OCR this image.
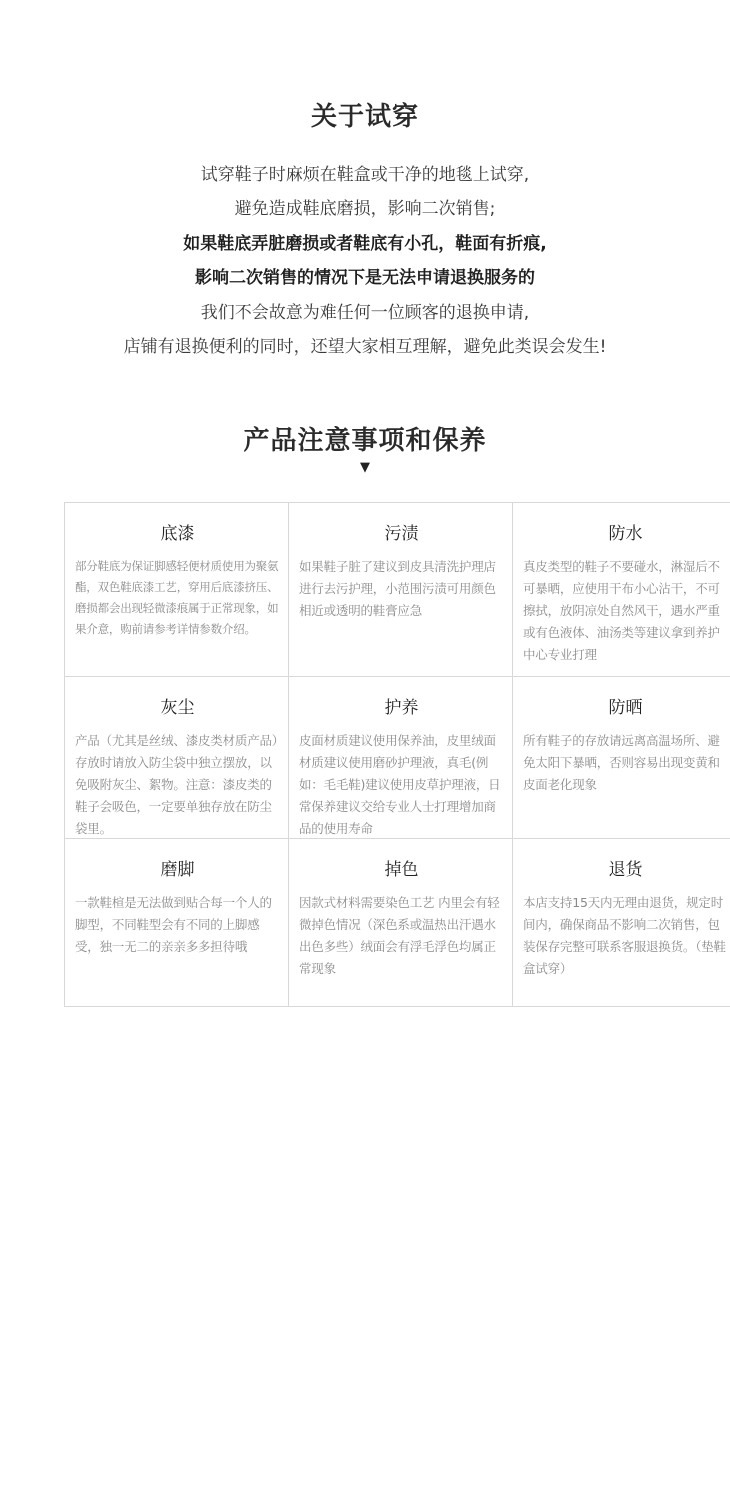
关于试穿
试穿鞋子时麻烦在鞋盒或干净的地毯上试穿,
避免造成鞋底磨损，影响二次销售;
如果鞋底弄脏磨损或者鞋底有小孔，鞋面有折痕,
影响二次销售的情况下是无法申请退换服务的
我们不会故意为难任何一位顾客的退换申请,
店铺有退换便利的同时，还望大家相互理解，避免此类误会发生!
产品注意事项和保养
▼
底漆
部分鞋底为保证脚感轻便材质使用为聚氨酯，双色鞋底漆工艺，穿用后底漆挤压、磨损都会出现轻微漆痕属于正常现象，如果介意，购前请参考详情参数介绍。
污渍
如果鞋子脏了建议到皮具清洗护理店进行去污护理，小范围污渍可用颜色相近或透明的鞋膏应急
防水
真皮类型的鞋子不要碰水，淋湿后不可暴晒，应使用干布小心沾干，不可擦拭，放阴凉处自然风干，遇水严重或有色液体、油汤类等建议拿到养护中心专业打理
灰尘
产品（尤其是丝绒、漆皮类材质产品）存放时请放入防尘袋中独立摆放，以免吸附灰尘、絮物。注意：漆皮类的鞋子会吸色，一定要单独存放在防尘袋里。
护养
皮面材质建议使用保养油，皮里绒面材质建议使用磨砂护理液，真毛(例如：毛毛鞋)建议使用皮草护理液，日常保养建议交给专业人士打理增加商品的使用寿命
防晒
所有鞋子的存放请远离高温场所、避免太阳下暴晒，否则容易出现变黄和皮面老化现象
磨脚
一款鞋楦是无法做到贴合每一个人的脚型，不同鞋型会有不同的上脚感受，独一无二的亲亲多多担待哦
掉色
因款式材料需要染色工艺 内里会有轻微掉色情况（深色系或温热出汗遇水出色多些）绒面会有浮毛浮色均属正常现象
退货
本店支持15天内无理由退货，规定时间内，确保商品不影响二次销售，包装保存完整可联系客服退换货。（垫鞋盒试穿）
